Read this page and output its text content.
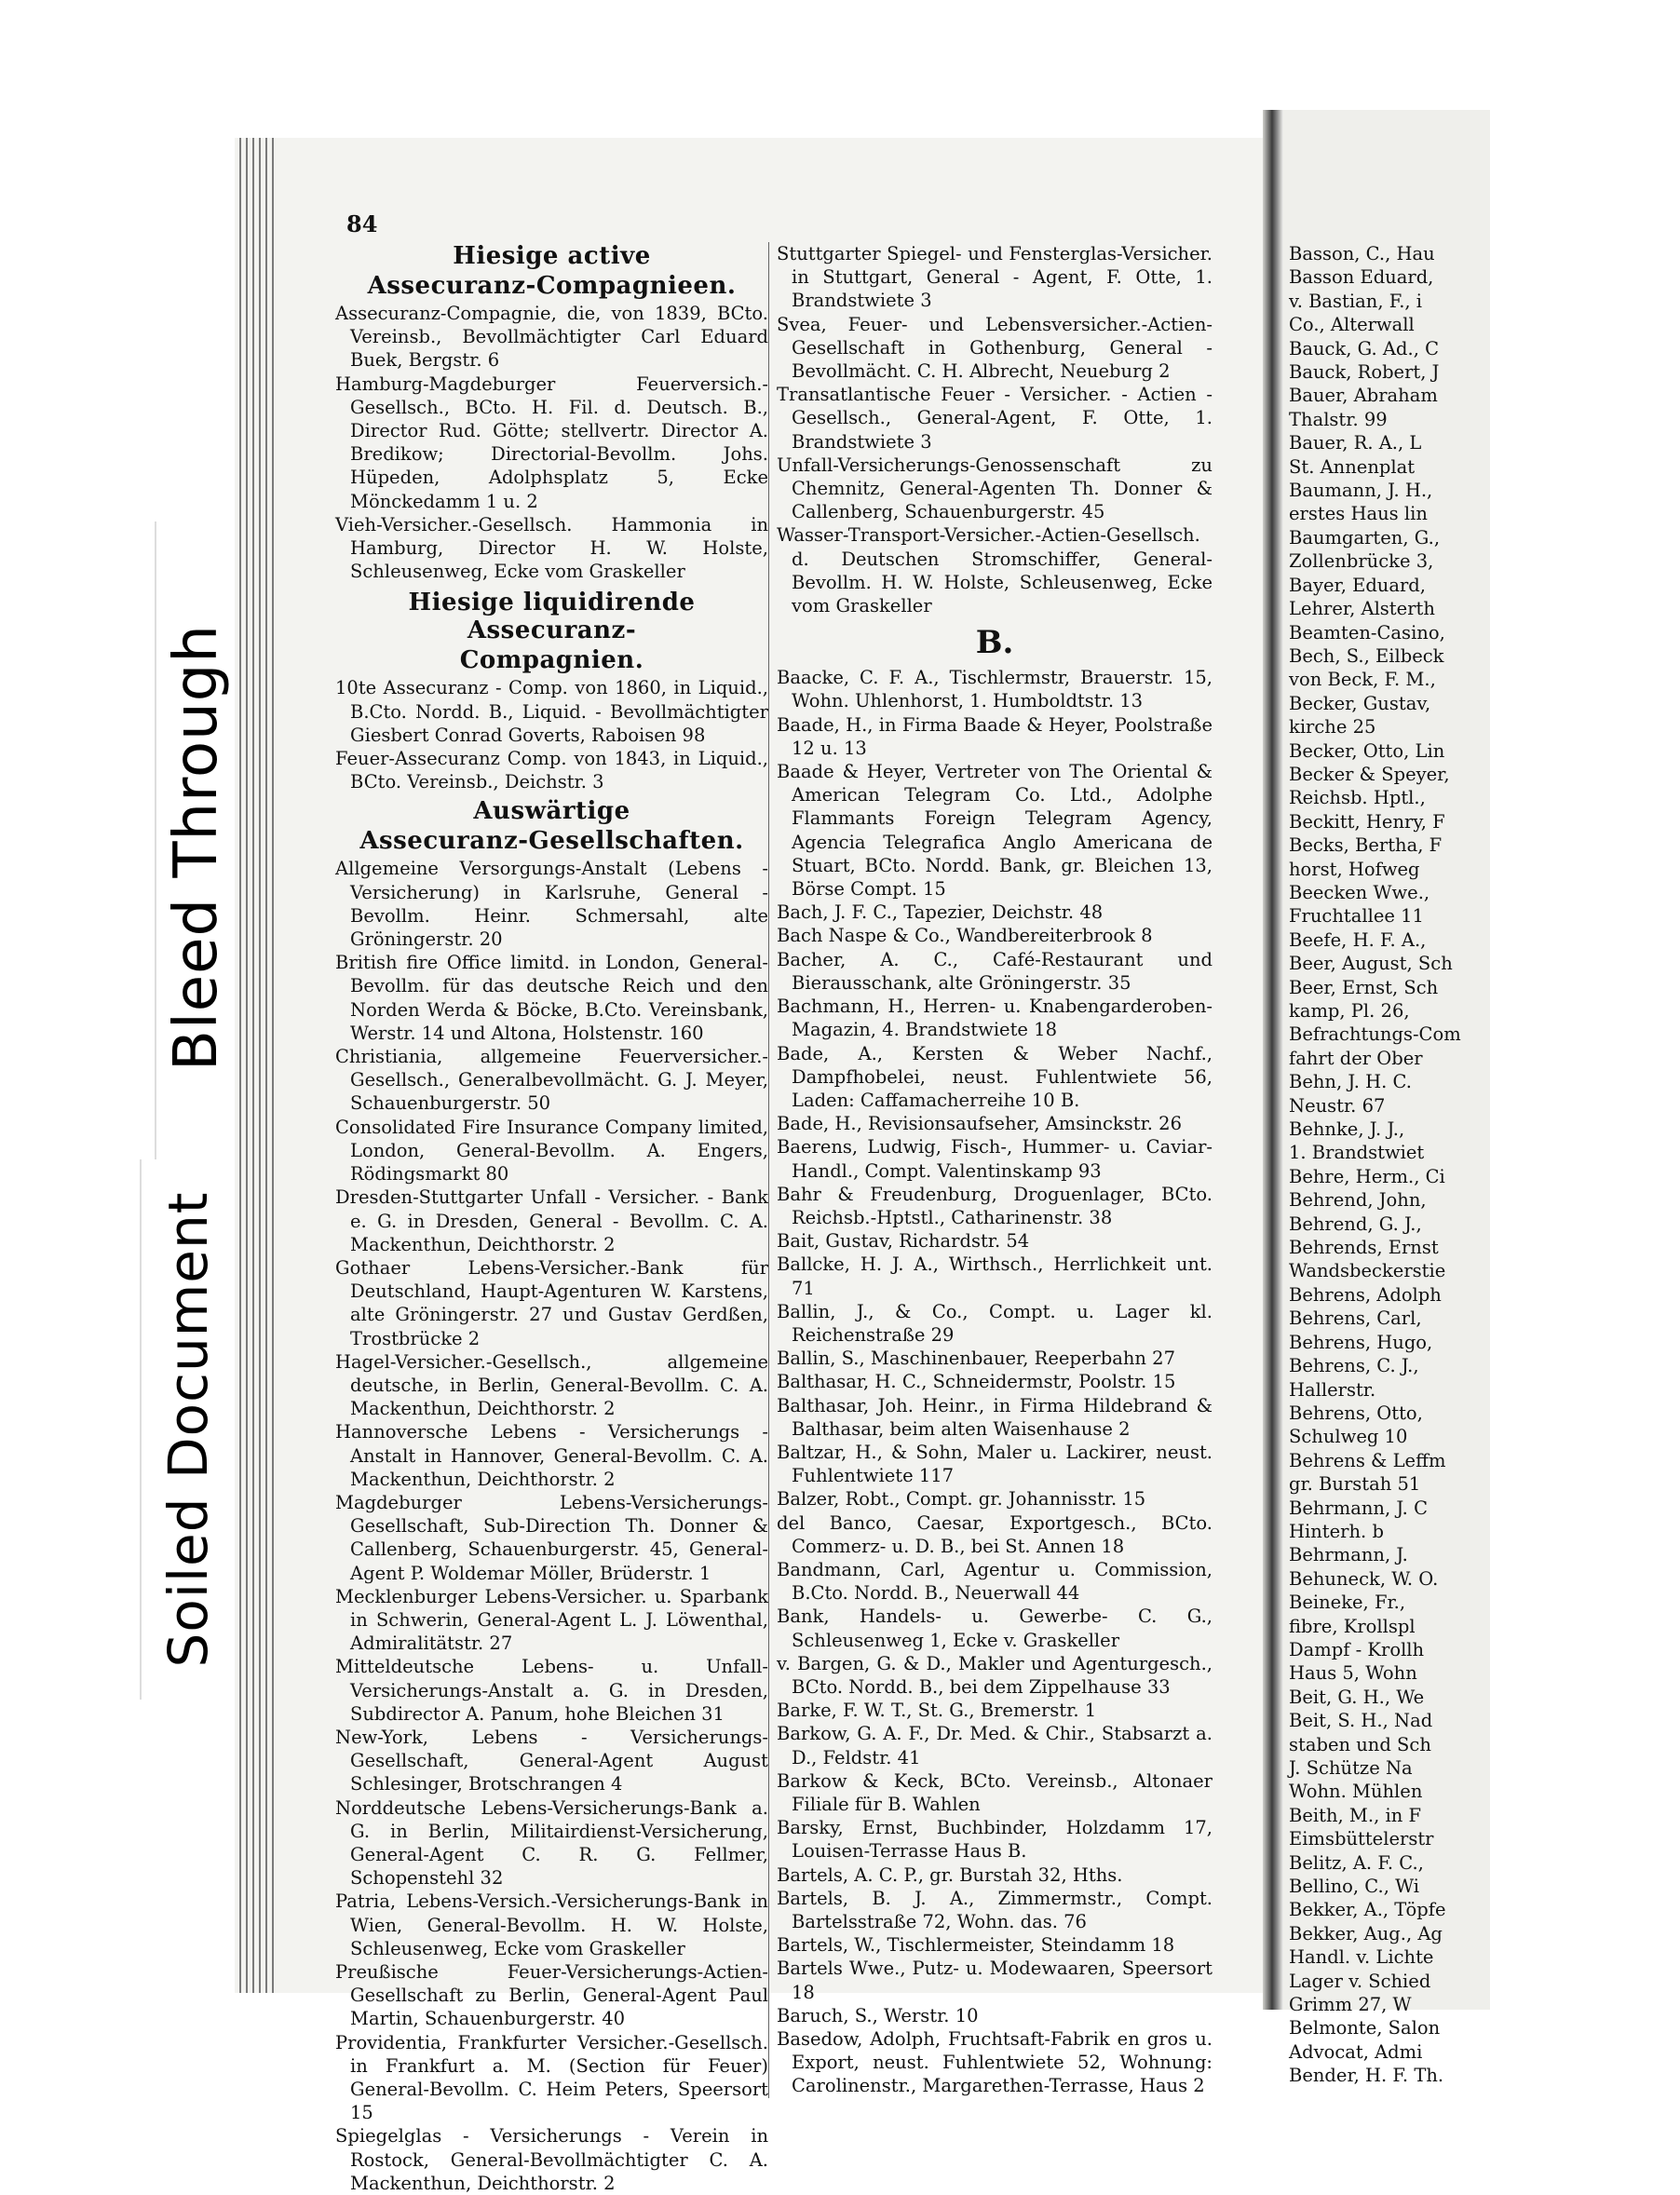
Bleed Through
Soiled Document
Basson, C., Hau
Basson Eduard,
v. Bastian, F., i
Co., Alterwall
Bauck, G. Ad., C
Bauck, Robert, J
Bauer, Abraham
Thalstr. 99
Bauer, R. A., L
St. Annenplat
Baumann, J. H.,
erstes Haus lin
Baumgarten, G.,
Zollenbrücke 3,
Bayer, Eduard,
Lehrer, Alsterth
Beamten-Casino,
Bech, S., Eilbeck
von Beck, F. M.,
Becker, Gustav,
kirche 25
Becker, Otto, Lin
Becker & Speyer,
Reichsb. Hptl.,
Beckitt, Henry, F
Becks, Bertha, F
horst, Hofweg
Beecken Wwe.,
Fruchtallee 11
Beefe, H. F. A.,
Beer, August, Sch
Beer, Ernst, Sch
kamp, Pl. 26,
Befrachtungs-Com
fahrt der Ober
Behn, J. H. C.
Neustr. 67
Behnke, J. J.,
1. Brandstwiet
Behre, Herm., Ci
Behrend, John,
Behrend, G. J.,
Behrends, Ernst
Wandsbeckerstie
Behrens, Adolph
Behrens, Carl,
Behrens, Hugo,
Behrens, C. J.,
Hallerstr.
Behrens, Otto,
Schulweg 10
Behrens & Leffm
gr. Burstah 51
Behrmann, J. C
Hinterh. b
Behrmann, J.
Behuneck, W. O.
Beineke, Fr.,
fibre, Krollspl
Dampf - Krollh
Haus 5, Wohn
Beit, G. H., We
Beit, S. H., Nad
staben und Sch
J. Schütze Na
Wohn. Mühlen
Beith, M., in F
Eimsbüttelerstr
Belitz, A. F. C.,
Bellino, C., Wi
Bekker, A., Töpfe
Bekker, Aug., Ag
Handl. v. Lichte
Lager v. Schied
Grimm 27, W
Belmonte, Salon
Advocat, Admi
Bender, H. F. Th.
84
Hiesige active
Assecuranz-Compagnieen.
Assecuranz-Compagnie, die, von 1839, BCto. Vereinsb., Bevollmächtigter Carl Eduard Buek, Bergstr. 6
Hamburg-Magdeburger Feuerversich.-Gesellsch., BCto. H. Fil. d. Deutsch. B., Director Rud. Götte; stellvertr. Director A. Bredikow; Directorial-Bevollm. Johs. Hüpeden, Adolphsplatz 5, Ecke Mönckedamm 1 u. 2
Vieh-Versicher.-Gesellsch. Hammonia in Hamburg, Director H. W. Holste, Schleusenweg, Ecke vom Graskeller
Hiesige liquidirende Assecuranz-
Compagnien.
10te Assecuranz - Comp. von 1860, in Liquid., B.Cto. Nordd. B., Liquid. - Bevollmächtigter Giesbert Conrad Goverts, Raboisen 98
Feuer-Assecuranz Comp. von 1843, in Liquid., BCto. Vereinsb., Deichstr. 3
Auswärtige
Assecuranz-Gesellschaften.
Allgemeine Versorgungs-Anstalt (Lebens - Versicherung) in Karlsruhe, General - Bevollm. Heinr. Schmersahl, alte Gröningerstr. 20
British fire Office limitd. in London, General-Bevollm. für das deutsche Reich und den Norden Werda & Böcke, B.Cto. Vereinsbank, Werstr. 14 und Altona, Holstenstr. 160
Christiania, allgemeine Feuerversicher.-Gesellsch., Generalbevollmächt. G. J. Meyer, Schauenburgerstr. 50
Consolidated Fire Insurance Company limited, London, General-Bevollm. A. Engers, Rödingsmarkt 80
Dresden-Stuttgarter Unfall - Versicher. - Bank e. G. in Dresden, General - Bevollm. C. A. Mackenthun, Deichthorstr. 2
Gothaer Lebens-Versicher.-Bank für Deutschland, Haupt-Agenturen W. Karstens, alte Gröningerstr. 27 und Gustav Gerdßen, Trostbrücke 2
Hagel-Versicher.-Gesellsch., allgemeine deutsche, in Berlin, General-Bevollm. C. A. Mackenthun, Deichthorstr. 2
Hannoversche Lebens - Versicherungs - Anstalt in Hannover, General-Bevollm. C. A. Mackenthun, Deichthorstr. 2
Magdeburger Lebens-Versicherungs-Gesellschaft, Sub-Direction Th. Donner & Callenberg, Schauenburgerstr. 45, General-Agent P. Woldemar Möller, Brüderstr. 1
Mecklenburger Lebens-Versicher. u. Sparbank in Schwerin, General-Agent L. J. Löwenthal, Admiralitätstr. 27
Mitteldeutsche Lebens- u. Unfall-Versicherungs-Anstalt a. G. in Dresden, Subdirector A. Panum, hohe Bleichen 31
New-York, Lebens - Versicherungs-Gesellschaft, General-Agent August Schlesinger, Brotschrangen 4
Norddeutsche Lebens-Versicherungs-Bank a. G. in Berlin, Militairdienst-Versicherung, General-Agent C. R. G. Fellmer, Schopenstehl 32
Patria, Lebens-Versich.-Versicherungs-Bank in Wien, General-Bevollm. H. W. Holste, Schleusenweg, Ecke vom Graskeller
Preußische Feuer-Versicherungs-Actien-Gesellschaft zu Berlin, General-Agent Paul Martin, Schauenburgerstr. 40
Providentia, Frankfurter Versicher.-Gesellsch. in Frankfurt a. M. (Section für Feuer) General-Bevollm. C. Heim Peters, Speersort 15
Spiegelglas - Versicherungs - Verein in Rostock, General-Bevollmächtigter C. A. Mackenthun, Deichthorstr. 2
Stuttgarter Spiegel- und Fensterglas-Versicher. in Stuttgart, General - Agent, F. Otte, 1. Brandstwiete 3
Svea, Feuer- und Lebensversicher.-Actien-Gesellschaft in Gothenburg, General - Bevollmächt. C. H. Albrecht, Neueburg 2
Transatlantische Feuer - Versicher. - Actien - Gesellsch., General-Agent, F. Otte, 1. Brandstwiete 3
Unfall-Versicherungs-Genossenschaft zu Chemnitz, General-Agenten Th. Donner & Callenberg, Schauenburgerstr. 45
Wasser-Transport-Versicher.-Actien-Gesellsch. d. Deutschen Stromschiffer, General-Bevollm. H. W. Holste, Schleusenweg, Ecke vom Graskeller
B.
Baacke, C. F. A., Tischlermstr, Brauerstr. 15, Wohn. Uhlenhorst, 1. Humboldtstr. 13
Baade, H., in Firma Baade & Heyer, Poolstraße 12 u. 13
Baade & Heyer, Vertreter von The Oriental & American Telegram Co. Ltd., Adolphe Flammants Foreign Telegram Agency, Agencia Telegrafica Anglo Americana de Stuart, BCto. Nordd. Bank, gr. Bleichen 13, Börse Compt. 15
Bach, J. F. C., Tapezier, Deichstr. 48
Bach Naspe & Co., Wandbereiterbrook 8
Bacher, A. C., Café-Restaurant und Bierausschank, alte Gröningerstr. 35
Bachmann, H., Herren- u. Knabengarderoben-Magazin, 4. Brandstwiete 18
Bade, A., Kersten & Weber Nachf., Dampfhobelei, neust. Fuhlentwiete 56, Laden: Caffamacherreihe 10 B.
Bade, H., Revisionsaufseher, Amsinckstr. 26
Baerens, Ludwig, Fisch-, Hummer- u. Caviar-Handl., Compt. Valentinskamp 93
Bahr & Freudenburg, Droguenlager, BCto. Reichsb.-Hptstl., Catharinenstr. 38
Bait, Gustav, Richardstr. 54
Ballcke, H. J. A., Wirthsch., Herrlichkeit unt. 71
Ballin, J., & Co., Compt. u. Lager kl. Reichenstraße 29
Ballin, S., Maschinenbauer, Reeperbahn 27
Balthasar, H. C., Schneidermstr, Poolstr. 15
Balthasar, Joh. Heinr., in Firma Hildebrand & Balthasar, beim alten Waisenhause 2
Baltzar, H., & Sohn, Maler u. Lackirer, neust. Fuhlentwiete 117
Balzer, Robt., Compt. gr. Johannisstr. 15
del Banco, Caesar, Exportgesch., BCto. Commerz- u. D. B., bei St. Annen 18
Bandmann, Carl, Agentur u. Commission, B.Cto. Nordd. B., Neuerwall 44
Bank, Handels- u. Gewerbe- C. G., Schleusenweg 1, Ecke v. Graskeller
v. Bargen, G. & D., Makler und Agenturgesch., BCto. Nordd. B., bei dem Zippelhause 33
Barke, F. W. T., St. G., Bremerstr. 1
Barkow, G. A. F., Dr. Med. & Chir., Stabsarzt a. D., Feldstr. 41
Barkow & Keck, BCto. Vereinsb., Altonaer Filiale für B. Wahlen
Barsky, Ernst, Buchbinder, Holzdamm 17, Louisen-Terrasse Haus B.
Bartels, A. C. P., gr. Burstah 32, Hths.
Bartels, B. J. A., Zimmermstr., Compt. Bartelsstraße 72, Wohn. das. 76
Bartels, W., Tischlermeister, Steindamm 18
Bartels Wwe., Putz- u. Modewaaren, Speersort 18
Baruch, S., Werstr. 10
Basedow, Adolph, Fruchtsaft-Fabrik en gros u. Export, neust. Fuhlentwiete 52, Wohnung: Carolinenstr., Margarethen-Terrasse, Haus 2
